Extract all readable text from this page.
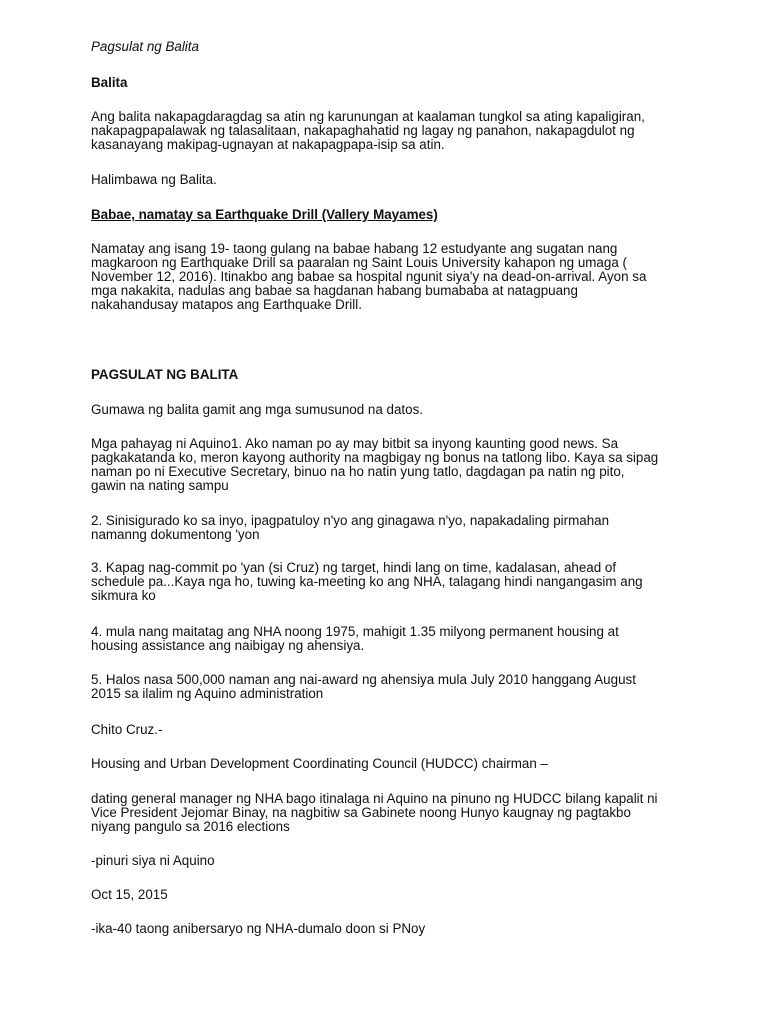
Pagsulat ng Balita

Balita

Ang balita nakapagdaragdag sa atin ng karunungan at kaalaman tungkol sa ating kapaligiran,
nakapagpapalawak ng talasalitaan, nakapaghahatid ng lagay ng panahon, nakapagdulot ng
kasanayang makipag-ugnayan at nakapagpapa-isip sa atin.

Halimbawa ng Balita.

Babae, namatay sa Earthquake Drill (Vallery Mayames)

Namatay ang isang 19- taong gulang na babae habang 12 estudyante ang sugatan nang
magkaroon ng Earthquake Drill sa paaralan ng Saint Louis University kahapon ng umaga (
November 12, 2016). Itinakbo ang babae sa hospital ngunit siya'y na dead-on-arrival. Ayon sa
mga nakakita, nadulas ang babae sa hagdanan habang bumababa at natagpuang
nakahandusay matapos ang Earthquake Drill.

PAGSULAT NG BALITA

Gumawa ng balita gamit ang mga sumusunod na datos.

Mga pahayag ni Aquino1. Ako naman po ay may bitbit sa inyong kaunting good news. Sa
pagkakatanda ko, meron kayong authority na magbigay ng bonus na tatlong libo. Kaya sa sipag
naman po ni Executive Secretary, binuo na ho natin yung tatlo, dagdagan pa natin ng pito,
gawin na nating sampu

2. Sinisigurado ko sa inyo, ipagpatuloy n'yo ang ginagawa n'yo, napakadaling pirmahan
namanng dokumentong 'yon

3. Kapag nag-commit po 'yan (si Cruz) ng target, hindi lang on time, kadalasan, ahead of
schedule pa...Kaya nga ho, tuwing ka-meeting ko ang NHA, talagang hindi nangangasim ang
sikmura ko

4. mula nang maitatag ang NHA noong 1975, mahigit 1.35 milyong permanent housing at
housing assistance ang naibigay ng ahensiya.

5. Halos nasa 500,000 naman ang nai-award ng ahensiya mula July 2010 hanggang August
2015 sa ilalim ng Aquino administration

Chito Cruz.-

Housing and Urban Development Coordinating Council (HUDCC) chairman –

dating general manager ng NHA bago itinalaga ni Aquino na pinuno ng HUDCC bilang kapalit ni
Vice President Jejomar Binay, na nagbitiw sa Gabinete noong Hunyo kaugnay ng pagtakbo
niyang pangulo sa 2016 elections

-pinuri siya ni Aquino

Oct 15, 2015

-ika-40 taong anibersaryo ng NHA-dumalo doon si PNoy
